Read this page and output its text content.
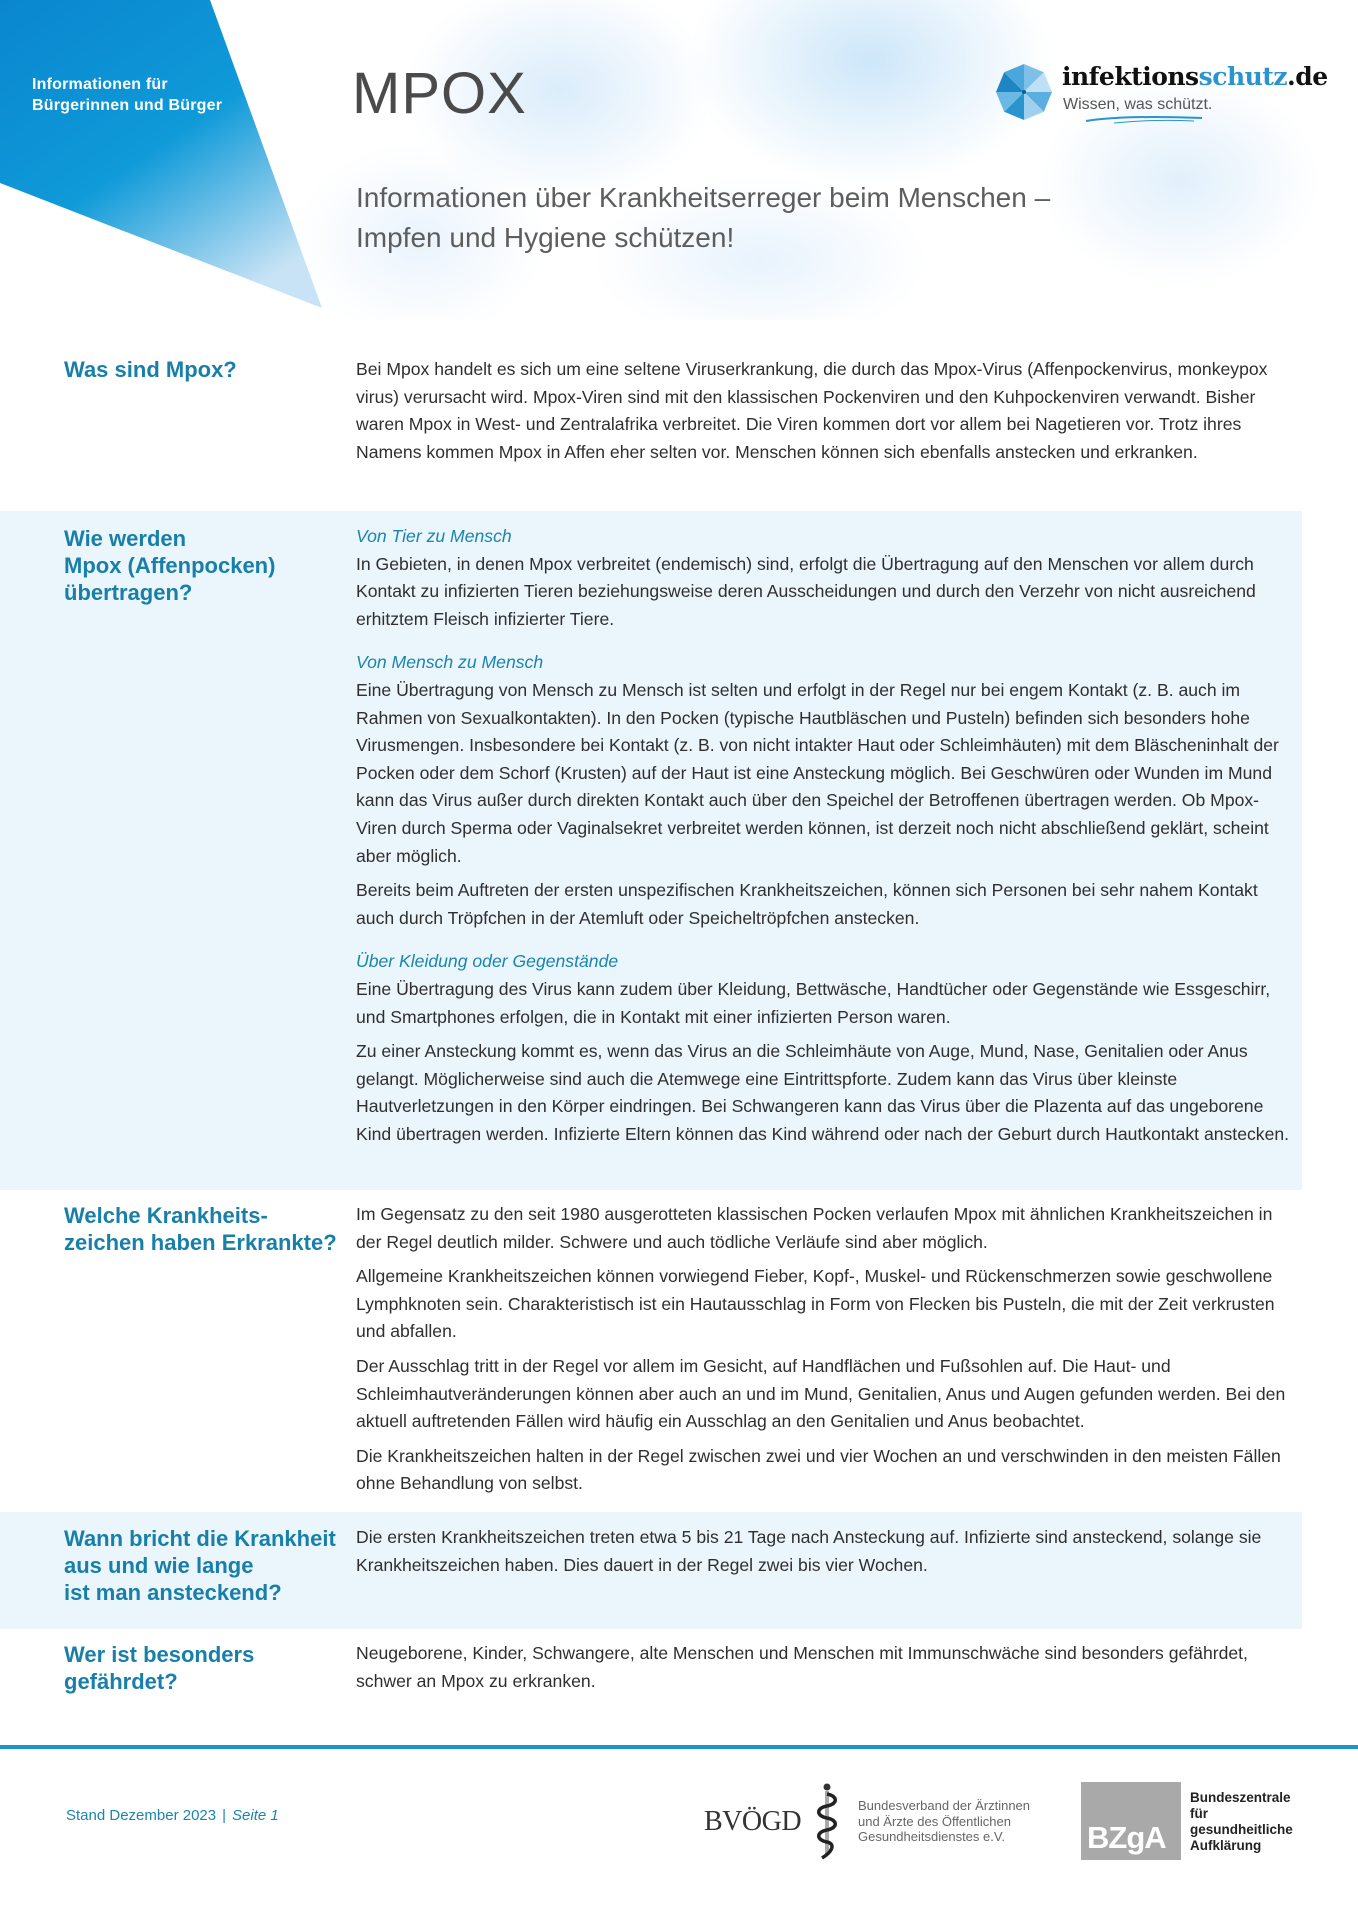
Informationen für
Bürgerinnen und Bürger MPOX
Informationen über Krankheitserreger beim Menschen –
Impfen und Hygiene schützen!
infektionsschutz.de
Wissen, was schützt.
Was sind Mpox?	Bei Mpox handelt es sich um eine seltene Viruserkrankung, die durch das Mpox-Virus (Affenpockenvirus, monkeypox virus) verursacht wird. Mpox-Viren sind mit den klassischen Pockenviren und den Kuhpockenviren verwandt. Bisher waren Mpox in West- und Zentralafrika verbreitet. Die Viren kommen dort vor allem bei Nagetieren vor. Trotz ihres Namens kommen Mpox in Affen eher selten vor. Menschen können sich ebenfalls anstecken und erkranken.

Wie werden
Mpox (Affenpocken)
übertragen?

Von Tier zu Mensch

In Gebieten, in denen Mpox verbreitet (endemisch) sind, erfolgt die Übertragung auf den Menschen vor allem durch Kontakt zu infizierten Tieren beziehungsweise deren Ausscheidungen und durch den Verzehr von nicht ausreichend erhitztem Fleisch infizierter Tiere.

Von Mensch zu Mensch

Eine Übertragung von Mensch zu Mensch ist selten und erfolgt in der Regel nur bei engem Kontakt (z. B. auch im Rahmen von Sexualkontakten). In den Pocken (typische Hautbläschen und Pusteln) befinden sich besonders hohe Virusmengen. Insbesondere bei Kontakt (z. B. von nicht intakter Haut oder Schleimhäuten) mit dem Bläscheninhalt der Pocken oder dem Schorf (Krusten) auf der Haut ist eine Ansteckung möglich. Bei Geschwüren oder Wunden im Mund kann das Virus außer durch direkten Kontakt auch über den Speichel der Betroffenen übertragen werden. Ob Mpox-Viren durch Sperma oder Vaginalsekret verbreitet werden können, ist derzeit noch nicht abschließend geklärt, scheint aber möglich.

Bereits beim Auftreten der ersten unspezifischen Krankheitszeichen, können sich Personen bei sehr nahem Kontakt auch durch Tröpfchen in der Atemluft oder Speicheltröpfchen anstecken.

Über Kleidung oder Gegenstände

Eine Übertragung des Virus kann zudem über Kleidung, Bettwäsche, Handtücher oder Gegenstände wie Essgeschirr, und Smartphones erfolgen, die in Kontakt mit einer infizierten Person waren.

Zu einer Ansteckung kommt es, wenn das Virus an die Schleimhäute von Auge, Mund, Nase, Genitalien oder Anus gelangt. Möglicherweise sind auch die Atemwege eine Eintrittspforte. Zudem kann das Virus über kleinste Hautverletzungen in den Körper eindringen. Bei Schwangeren kann das Virus über die Plazenta auf das ungeborene Kind übertragen werden. Infizierte Eltern können das Kind während oder nach der Geburt durch Hautkontakt anstecken.

Welche Krankheits-
zeichen haben Erkrankte?

Im Gegensatz zu den seit 1980 ausgerotteten klassischen Pocken verlaufen Mpox mit ähnlichen Krankheitszeichen in der Regel deutlich milder. Schwere und auch tödliche Verläufe sind aber möglich.

Allgemeine Krankheitszeichen können vorwiegend Fieber, Kopf-, Muskel- und Rückenschmerzen sowie geschwollene Lymphknoten sein. Charakteristisch ist ein Hautausschlag in Form von Flecken bis Pusteln, die mit der Zeit verkrusten und abfallen.

Der Ausschlag tritt in der Regel vor allem im Gesicht, auf Handflächen und Fußsohlen auf. Die Haut- und Schleimhautveränderungen können aber auch an und im Mund, Genitalien, Anus und Augen gefunden werden. Bei den aktuell auftretenden Fällen wird häufig ein Ausschlag an den Genitalien und Anus beobachtet.

Die Krankheitszeichen halten in der Regel zwischen zwei und vier Wochen an und verschwinden in den meisten Fällen ohne Behandlung von selbst.

Wann bricht die Krankheit
aus und wie lange
ist man ansteckend?

Die ersten Krankheitszeichen treten etwa 5 bis 21 Tage nach Ansteckung auf. Infizierte sind ansteckend, solange sie Krankheitszeichen haben. Dies dauert in der Regel zwei bis vier Wochen.

Wer ist besonders
gefährdet?

Neugeborene, Kinder, Schwangere, alte Menschen und Menschen mit Immunschwäche sind besonders gefährdet, schwer an Mpox zu erkranken.

Stand Dezember 2023 | Seite 1	BVÖGD
Bundesverband der Ärztinnen
und Ärzte des Öffentlichen
Gesundheitsdienstes e.V.	BZgA
Bundeszentrale
für
gesundheitliche
Aufklärung
